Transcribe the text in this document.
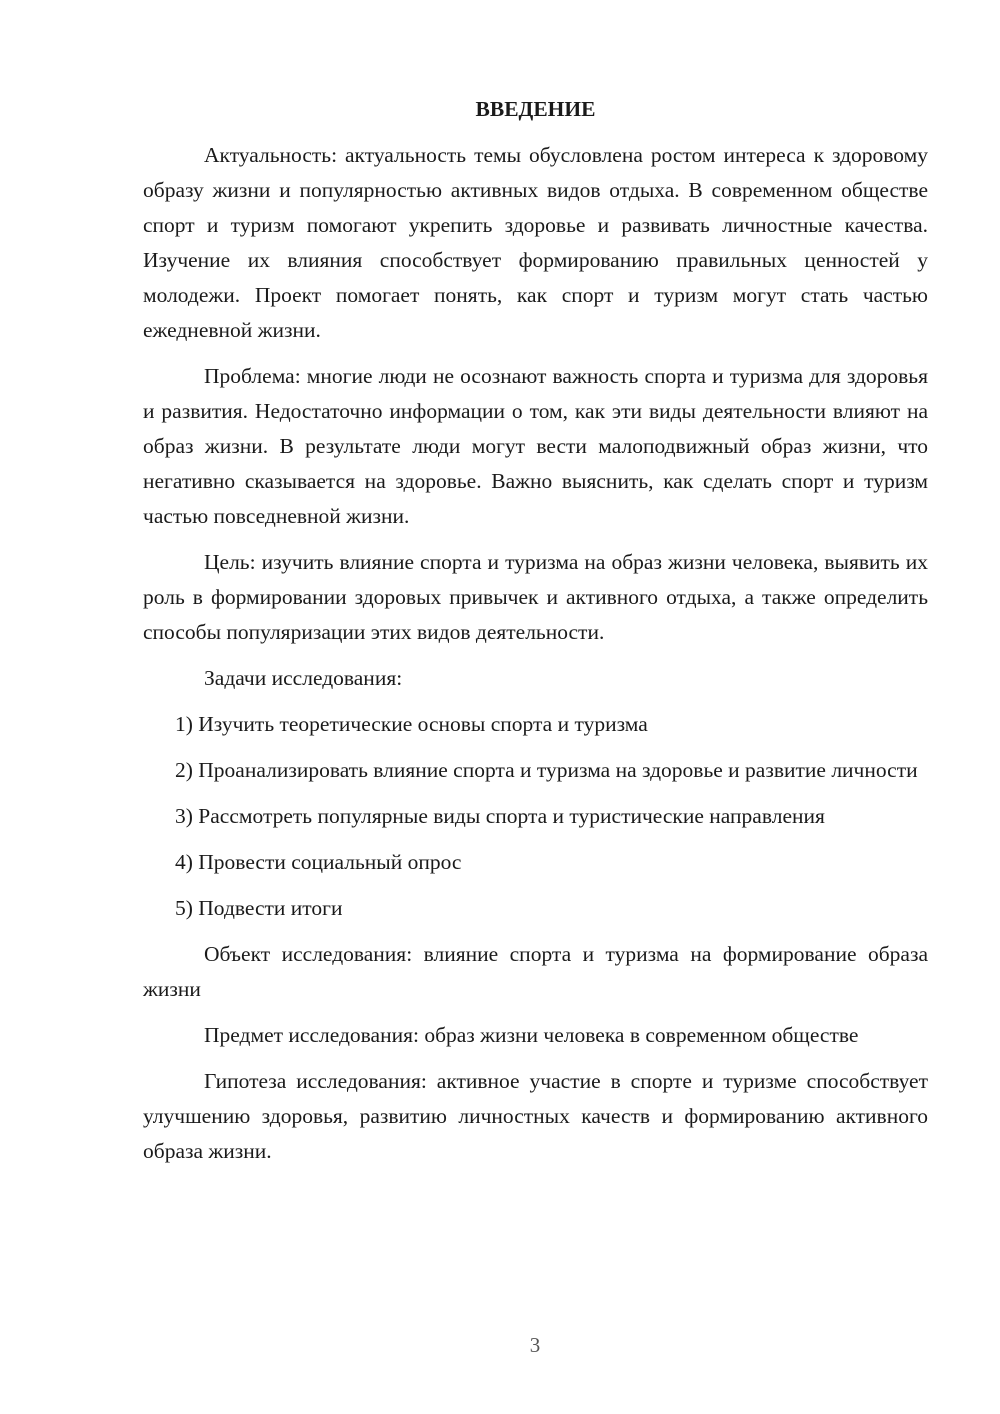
ВВЕДЕНИЕ

Актуальность: актуальность темы обусловлена ростом интереса к здоровому образу жизни и популярностью активных видов отдыха. В современном обществе спорт и туризм помогают укрепить здоровье и развивать личностные качества. Изучение их влияния способствует формированию правильных ценностей у молодежи. Проект помогает понять, как спорт и туризм могут стать частью ежедневной жизни.

Проблема: многие люди не осознают важность спорта и туризма для здоровья и развития. Недостаточно информации о том, как эти виды деятельности влияют на образ жизни. В результате люди могут вести малоподвижный образ жизни, что негативно сказывается на здоровье. Важно выяснить, как сделать спорт и туризм частью повседневной жизни.

Цель: изучить влияние спорта и туризма на образ жизни человека, выявить их роль в формировании здоровых привычек и активного отдыха, а также определить способы популяризации этих видов деятельности.

Задачи исследования:

1) Изучить теоретические основы спорта и туризма

2) Проанализировать влияние спорта и туризма на здоровье и развитие личности

3) Рассмотреть популярные виды спорта и туристические направления

4) Провести социальный опрос

5) Подвести итоги

Объект исследования: влияние спорта и туризма на формирование образа жизни

Предмет исследования: образ жизни человека в современном обществе

Гипотеза исследования: активное участие в спорте и туризме способствует улучшению здоровья, развитию личностных качеств и формированию активного образа жизни.

3
